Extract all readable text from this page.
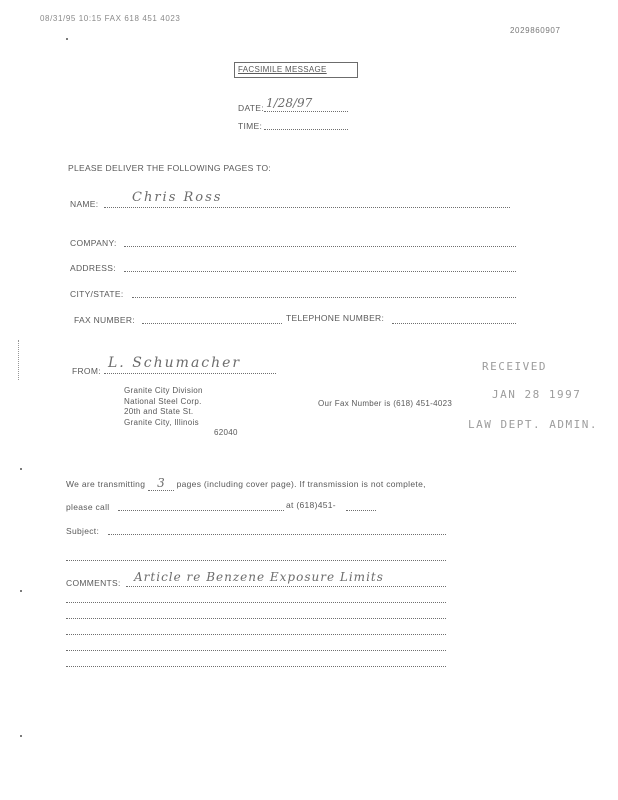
08/31/95 10:15 FAX 618 451 4023
2029860907
FACSIMILE MESSAGE
DATE: 1/28/97
TIME:
PLEASE DELIVER THE FOLLOWING PAGES TO:
NAME:	Chris Ross
COMPANY:
ADDRESS:
CITY/STATE:
FAX NUMBER:	TELEPHONE NUMBER:
FROM: L. Schumacher
Granite City Division
National Steel Corp.
20th and State St.
Granite City, Illinois
62040
Our Fax Number is (618) 451-4023
RECEIVED
JAN 28 1997
LAW DEPT. ADMIN.
We are transmitting 3 pages (including cover page). If transmission is not complete,
please call	at (618)451-
Subject:
COMMENTS: Article re Benzene Exposure Limits
